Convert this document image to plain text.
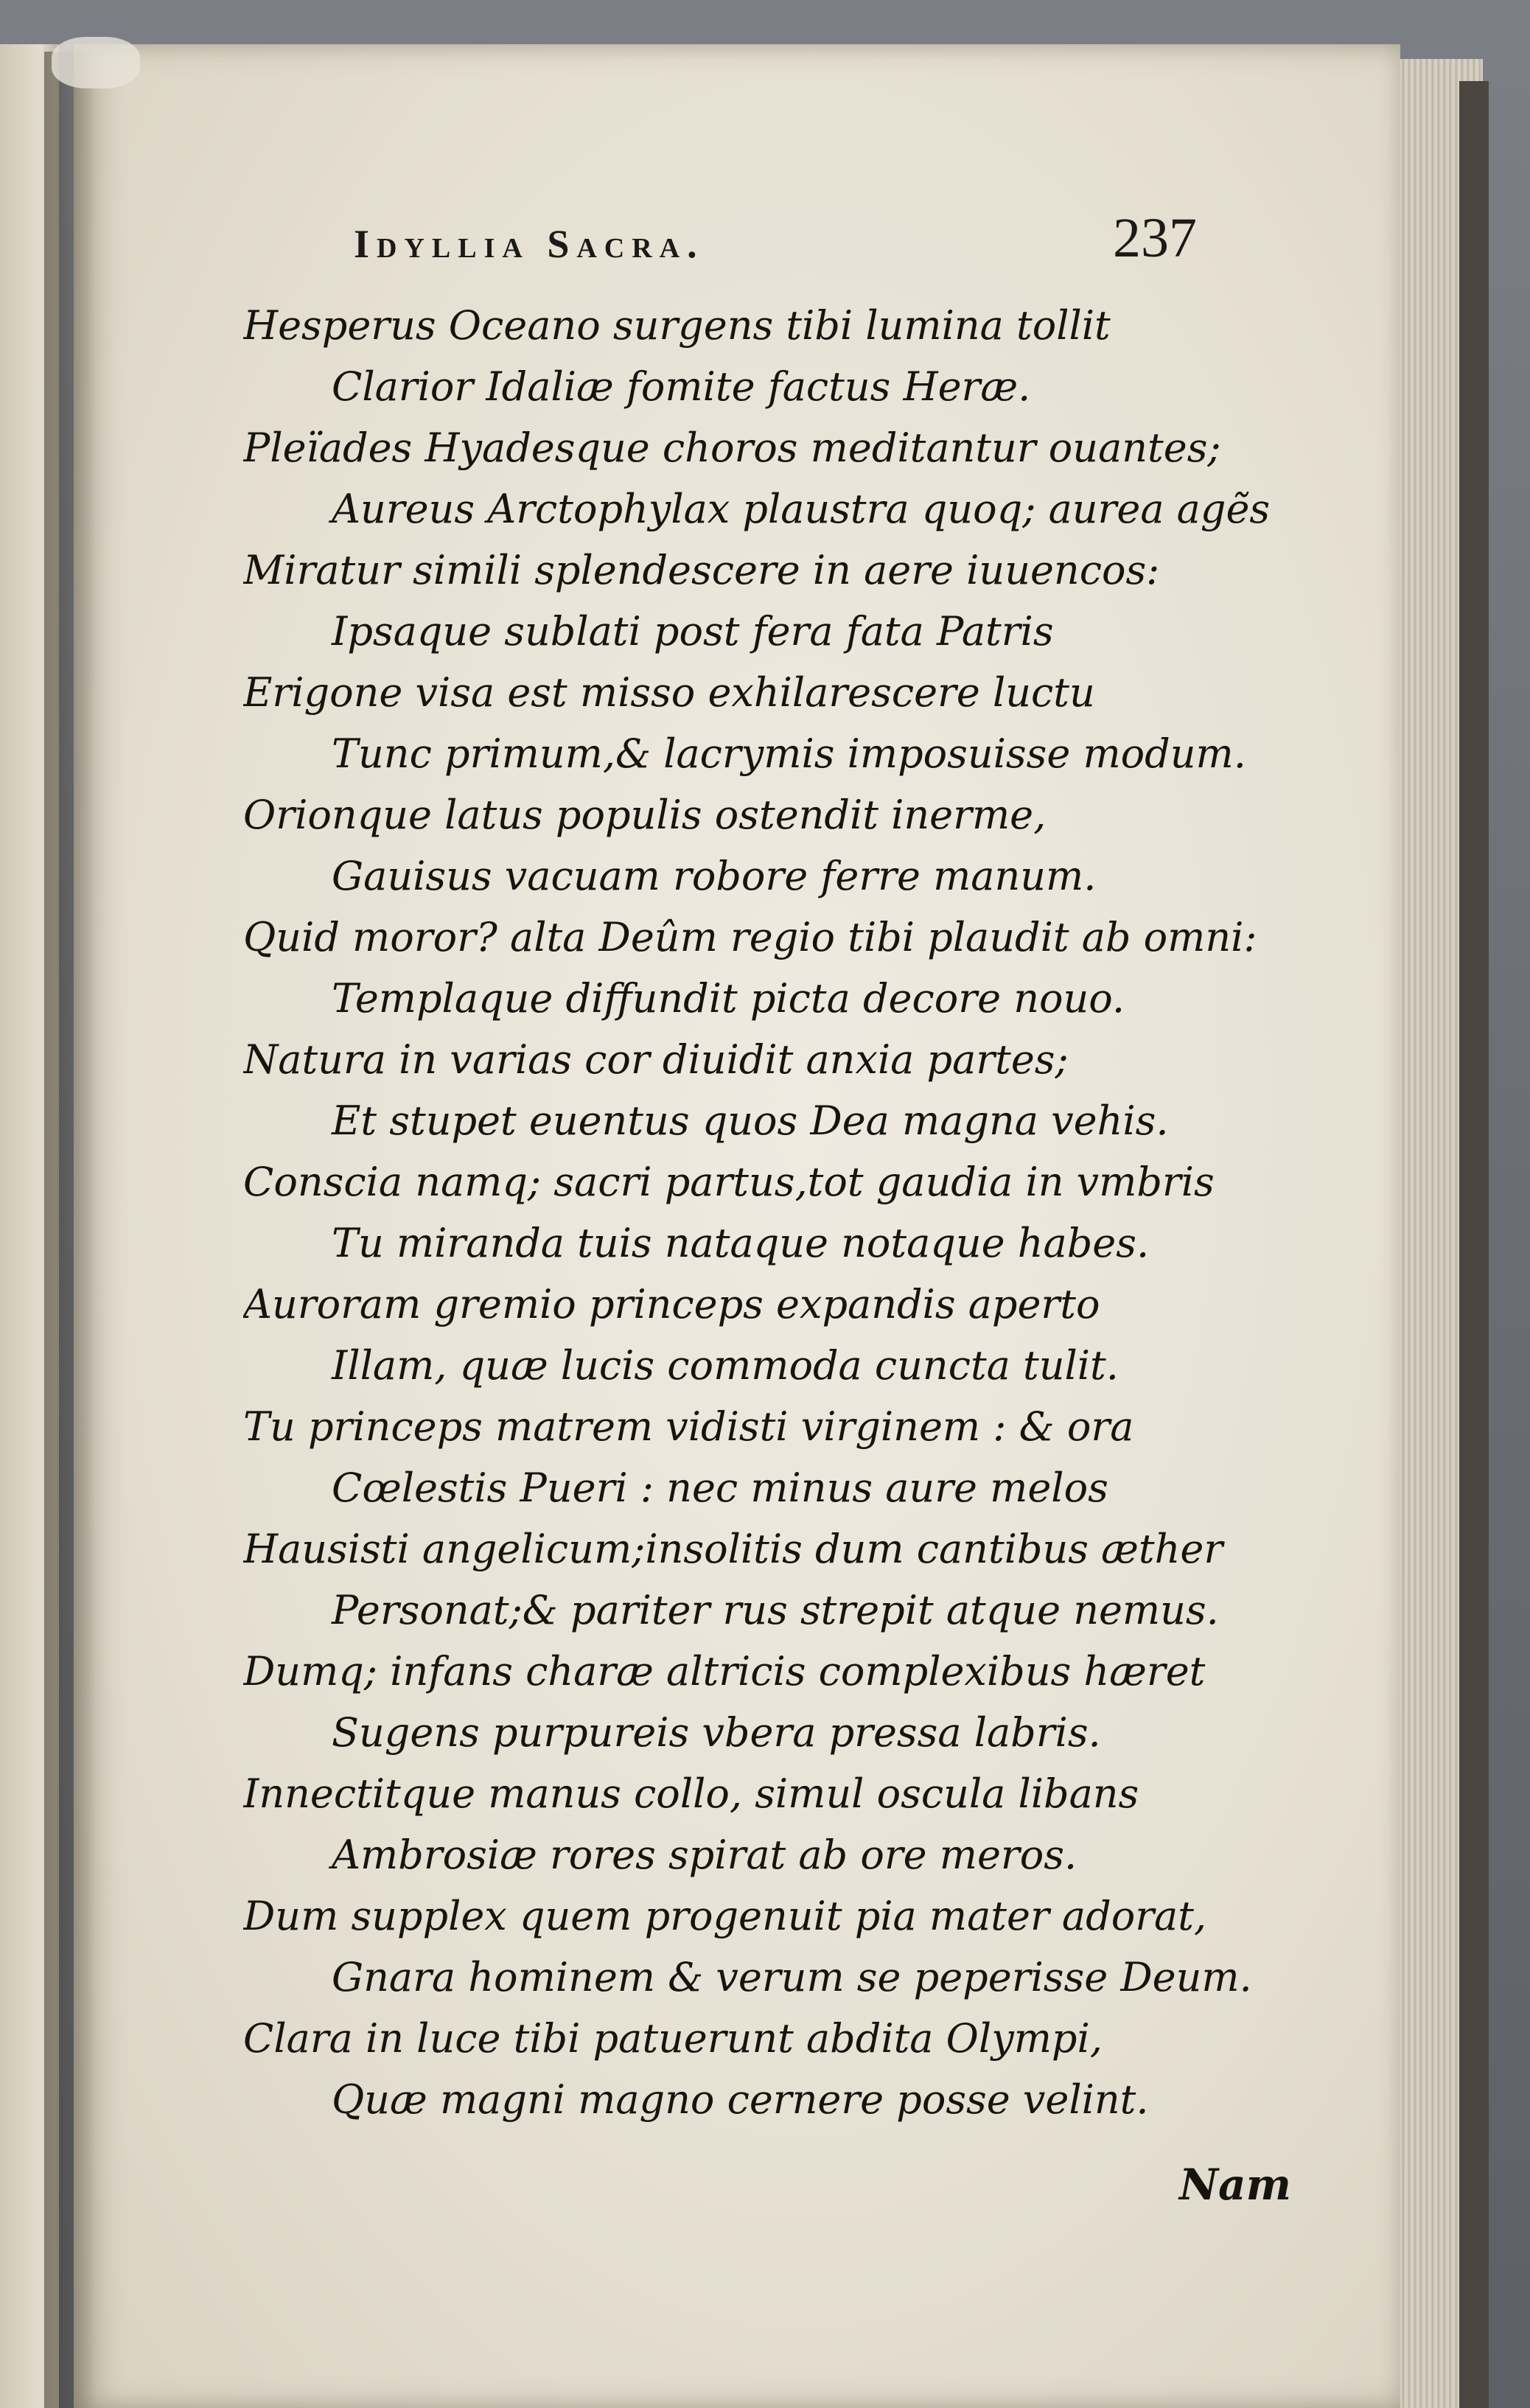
Idyllia Sacra.	237
Hesperus Oceano surgens tibi lumina tollit
Clarior Idaliæ fomite factus Heræ.
Pleïades Hyadesque choros meditantur ouantes;
Aureus Arctophylax plaustra quoq; aurea agẽs
Miratur simili splendescere in aere iuuencos:
Ipsaque sublati post fera fata Patris
Erigone visa est misso exhilarescere luctu
Tunc primum,& lacrymis imposuisse modum.
Orionque latus populis ostendit inerme,
Gauisus vacuam robore ferre manum.
Quid moror? alta Deûm regio tibi plaudit ab omni:
Templaque diffundit picta decore nouo.
Natura in varias cor diuidit anxia partes;
Et stupet euentus quos Dea magna vehis.
Conscia namq; sacri partus,tot gaudia in vmbris
Tu miranda tuis nataque notaque habes.
Auroram gremio princeps expandis aperto
Illam, quæ lucis commoda cuncta tulit.
Tu princeps matrem vidisti virginem : & ora
Cœlestis Pueri : nec minus aure melos
Hausisti angelicum;insolitis dum cantibus æther
Personat;& pariter rus strepit atque nemus.
Dumq; infans charæ altricis complexibus hæret
Sugens purpureis vbera pressa labris.
Innectitque manus collo, simul oscula libans
Ambrosiæ rores spirat ab ore meros.
Dum supplex quem progenuit pia mater adorat,
Gnara hominem & verum se peperisse Deum.
Clara in luce tibi patuerunt abdita Olympi,
Quæ magni magno cernere posse velint.
Nam
